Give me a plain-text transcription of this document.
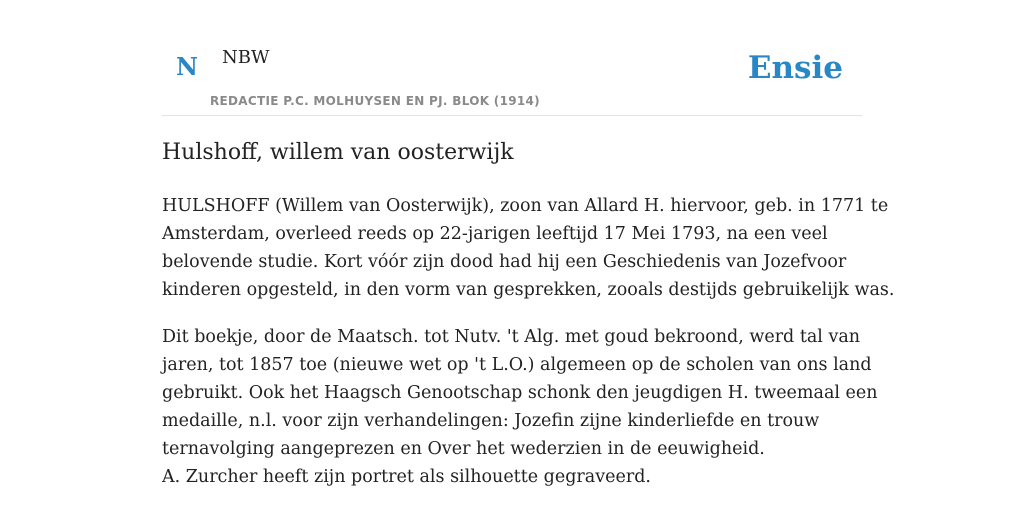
N NBW
REDACTIE P.C. MOLHUYSEN EN PJ. BLOK (1914)
Ensie
Hulshoff, willem van oosterwijk

HULSHOFF (Willem van Oosterwijk), zoon van Allard H. hiervoor, geb. in 1771 te
Amsterdam, overleed reeds op 22-jarigen leeftijd 17 Mei 1793, na een veel
belovende studie. Kort vóór zijn dood had hij een Geschiedenis van Jozefvoor
kinderen opgesteld, in den vorm van gesprekken, zooals destijds gebruikelijk was.

Dit boekje, door de Maatsch. tot Nutv. 't Alg. met goud bekroond, werd tal van
jaren, tot 1857 toe (nieuwe wet op 't L.O.) algemeen op de scholen van ons land
gebruikt. Ook het Haagsch Genootschap schonk den jeugdigen H. tweemaal een
medaille, n.l. voor zijn verhandelingen: Jozefin zijne kinderliefde en trouw
ternavolging aangeprezen en Over het wederzien in de eeuwigheid.
A. Zurcher heeft zijn portret als silhouette gegraveerd.
